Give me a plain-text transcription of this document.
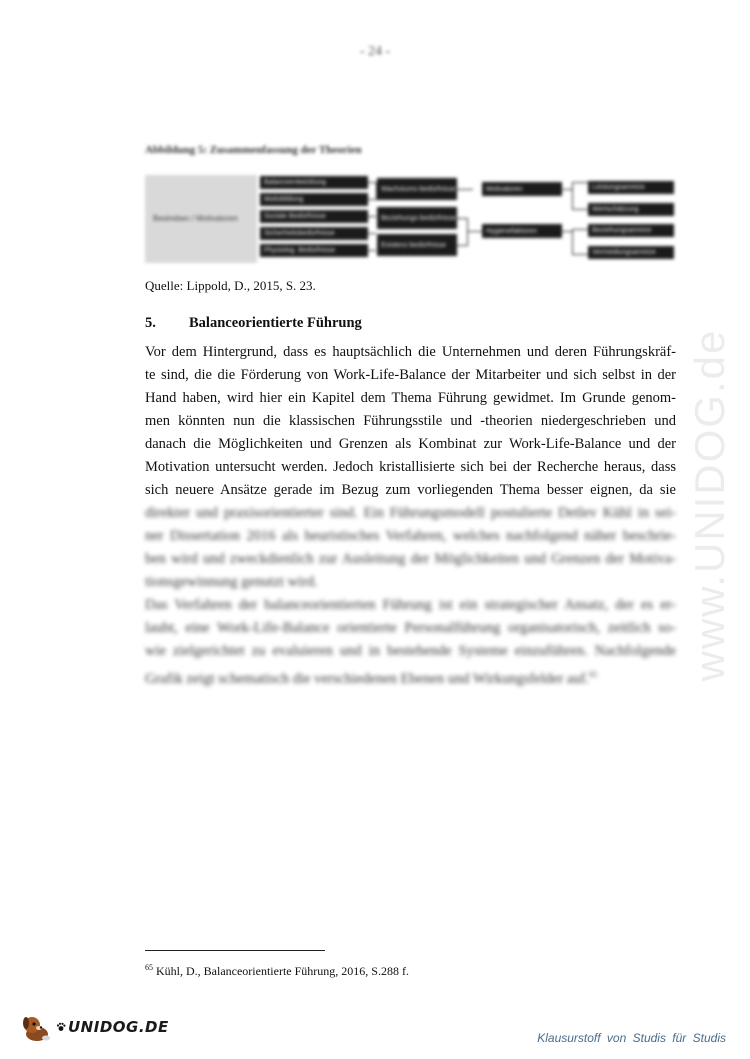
- 24 -
Abbildung 5: Zusammenfassung der Theorien
Bestreben / Motivatoren
Balanceentwicklung
Motivbildung
Soziale Bedürfnisse
Sicherheitsbedürfnisse
Physiolog. Bedürfnisse
Wachstums-bedürfnisse
Beziehungs-bedürfnisse
Existenz-bedürfnisse
Motivatoren
Hygienefaktoren
Leistungsanreize
Wertschätzung
Beziehungsanreize
Vermeidungsanreize
Quelle: Lippold, D., 2015, S. 23.
5. Balanceorientierte Führung
Vor dem Hintergrund, dass es hauptsächlich die Unternehmen und deren Führungskräf-
te sind, die die Förderung von Work-Life-Balance der Mitarbeiter und sich selbst in der
Hand haben, wird hier ein Kapitel dem Thema Führung gewidmet. Im Grunde genom-
men könnten nun die klassischen Führungsstile und -theorien niedergeschrieben und
danach die Möglichkeiten und Grenzen als Kombinat zur Work-Life-Balance und der
Motivation untersucht werden. Jedoch kristallisierte sich bei der Recherche heraus, dass
sich neuere Ansätze gerade im Bezug zum vorliegenden Thema besser eignen, da sie
direkter und praxisorientierter sind. Ein Führungsmodell postulierte Detlev Kühl in sei-
ner Dissertation 2016 als heuristisches Verfahren, welches nachfolgend näher beschrie-
ben wird und zweckdienlich zur Ausleitung der Möglichkeiten und Grenzen der Motiva-
tionsgewinnung genutzt wird.
Das Verfahren der balanceorientierten Führung ist ein strategischer Ansatz, der es er-
laubt, eine Work-Life-Balance orientierte Personalführung organisatorisch, zeitlich so-
wie zielgerichtet zu evaluieren und in bestehende Systeme einzuführen. Nachfolgende
Grafik zeigt schematisch die verschiedenen Ebenen und Wirkungsfelder auf.$^{65}$	www.UNIDOG.de
$^{65}$ Kühl, D., Balanceorientierte Führung, 2016, S.288 f.
UNIDOG.DE
Klausurstoff von Studis für Studis
